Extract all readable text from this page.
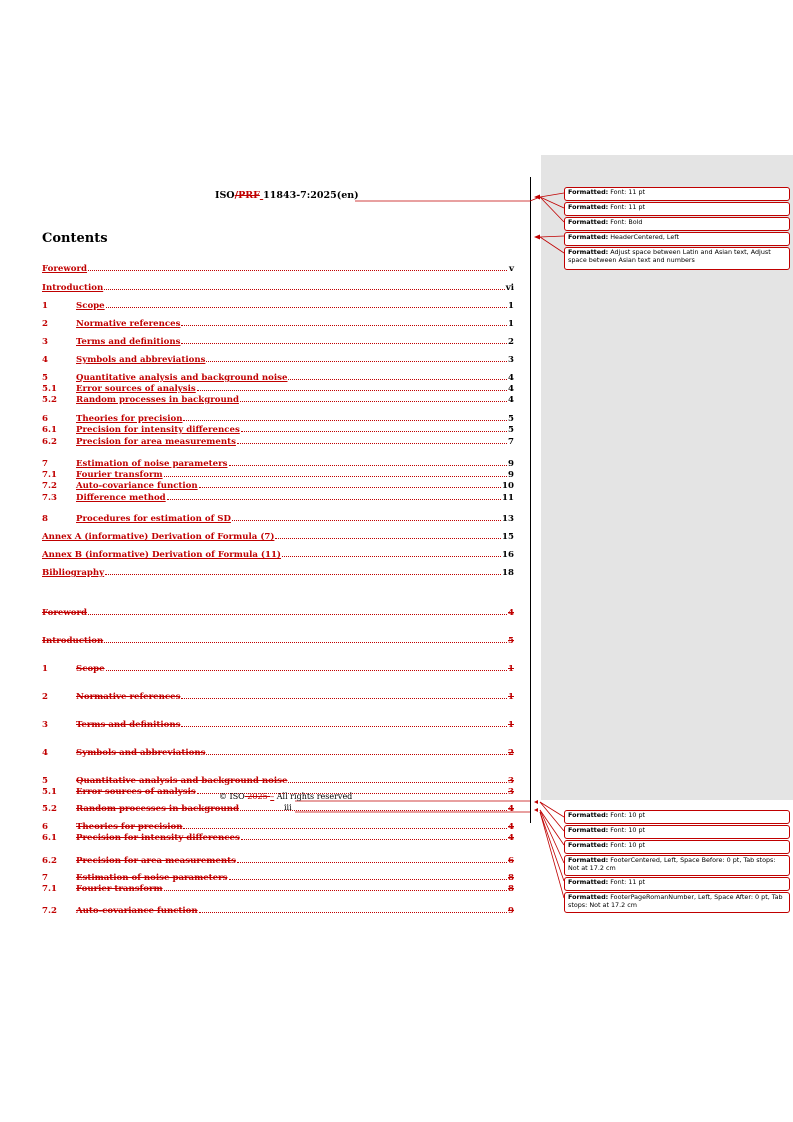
ISO/PRF 11843-7:2025(en)
Contents
Foreword	v
Introduction	vi
1	Scope	1
2	Normative references	1
3	Terms and definitions	2
4	Symbols and abbreviations	3
5	Quantitative analysis and background noise	4
5.1 Error sources of analysis	4
5.2 Random processes in background	4
6	Theories for precision	5
6.1 Precision for intensity differences	5
6.2 Precision for area measurements	7
7	Estimation of noise parameters	9
7.1 Fourier transform	9
7.2 Auto-covariance function	10
7.3 Difference method	11
8	Procedures for estimation of SD	13
Annex A (informative) Derivation of Formula (7)	15
Annex B (informative) Derivation of Formula (11)	16
Bibliography	18
Foreword	4
Introduction	5
1	Scope	1
2	Normative references	1
3	Terms and definitions	1
4	Symbols and abbreviations	2
5	Quantitative analysis and background noise	3
5.1 Error sources of analysis	3
5.2 Random processes in background	4
6	Theories for precision	4
6.1 Precision for intensity differences	4
6.2 Precision for area measurements	6
7	Estimation of noise parameters	8
7.1 Fourier transform	8
7.2 Auto-covariance function	9
Formatted: Font: 11 pt
Formatted: Font: 11 pt
Formatted: Font: Bold
Formatted: HeaderCentered, Left
Formatted: Adjust space between Latin and Asian text, Adjust space between Asian text and numbers
Formatted: Font: 10 pt
Formatted: Font: 10 pt
Formatted: Font: 10 pt
Formatted: FooterCentered, Left, Space Before: 0 pt, Tab stops: Not at 17.2 cm
Formatted: Font: 11 pt
Formatted: FooterPageRomanNumber, Left, Space After: 0 pt, Tab stops: Not at 17.2 cm
© ISO 2025 – All rights reserved
iii
